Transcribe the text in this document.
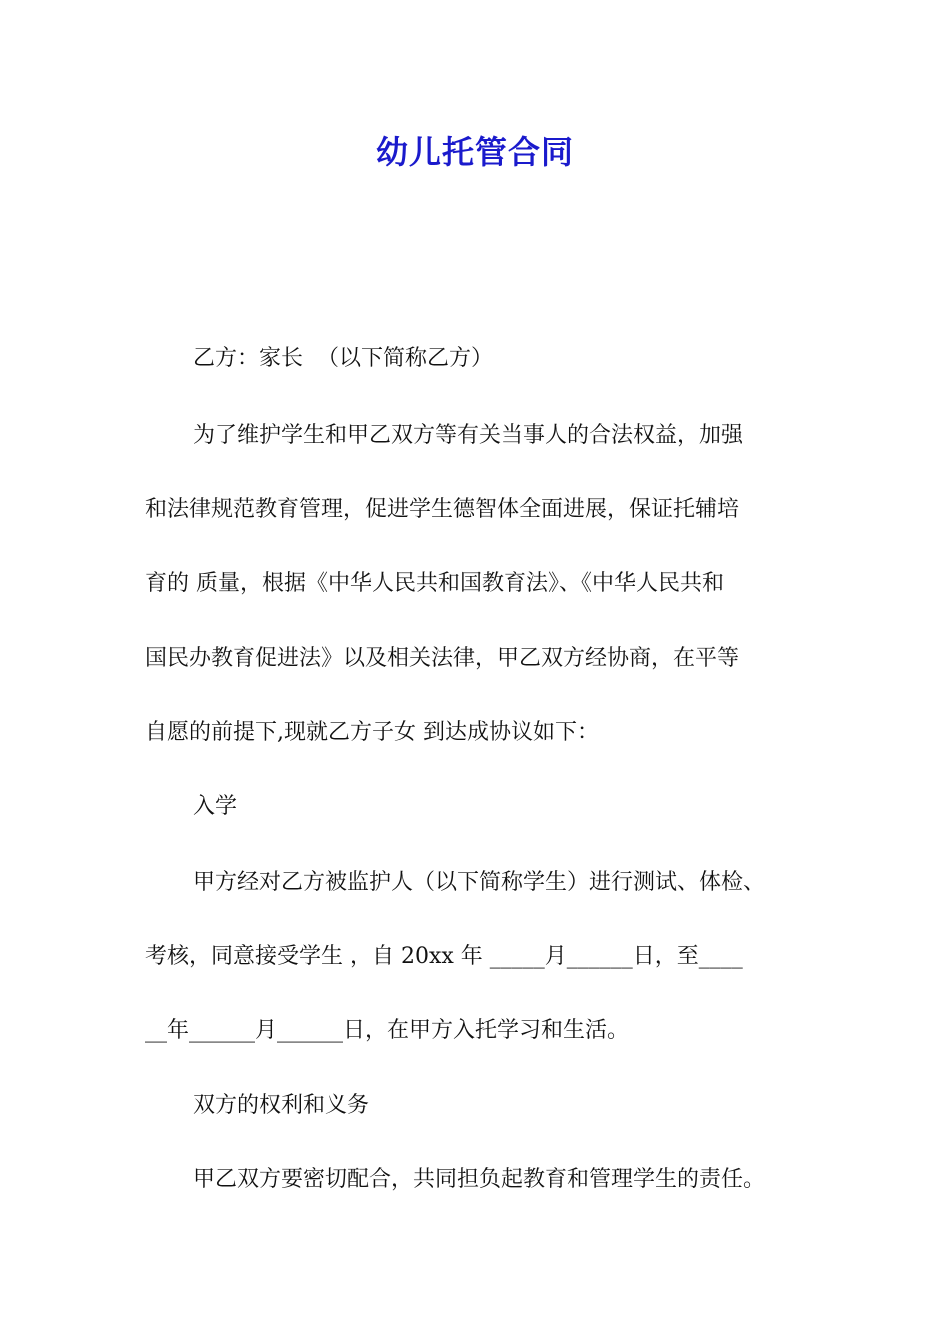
幼儿托管合同
乙方：家长  （以下简称乙方）
为了维护学生和甲乙双方等有关当事人的合法权益，加强
和法律规范教育管理，促进学生德智体全面进展，保证托辅培
育的 质量，根据《中华人民共和国教育法》、《中华人民共和
国民办教育促进法》以及相关法律，甲乙双方经协商，在平等
自愿的前提下,现就乙方子女 到达成协议如下：
入学
甲方经对乙方被监护人（以下简称学生）进行测试、体检、
考核，同意接受学生 ，自 20xx 年 _____月______日，至____
__年______月______日，在甲方入托学习和生活。
双方的权利和义务
甲乙双方要密切配合，共同担负起教育和管理学生的责任。
